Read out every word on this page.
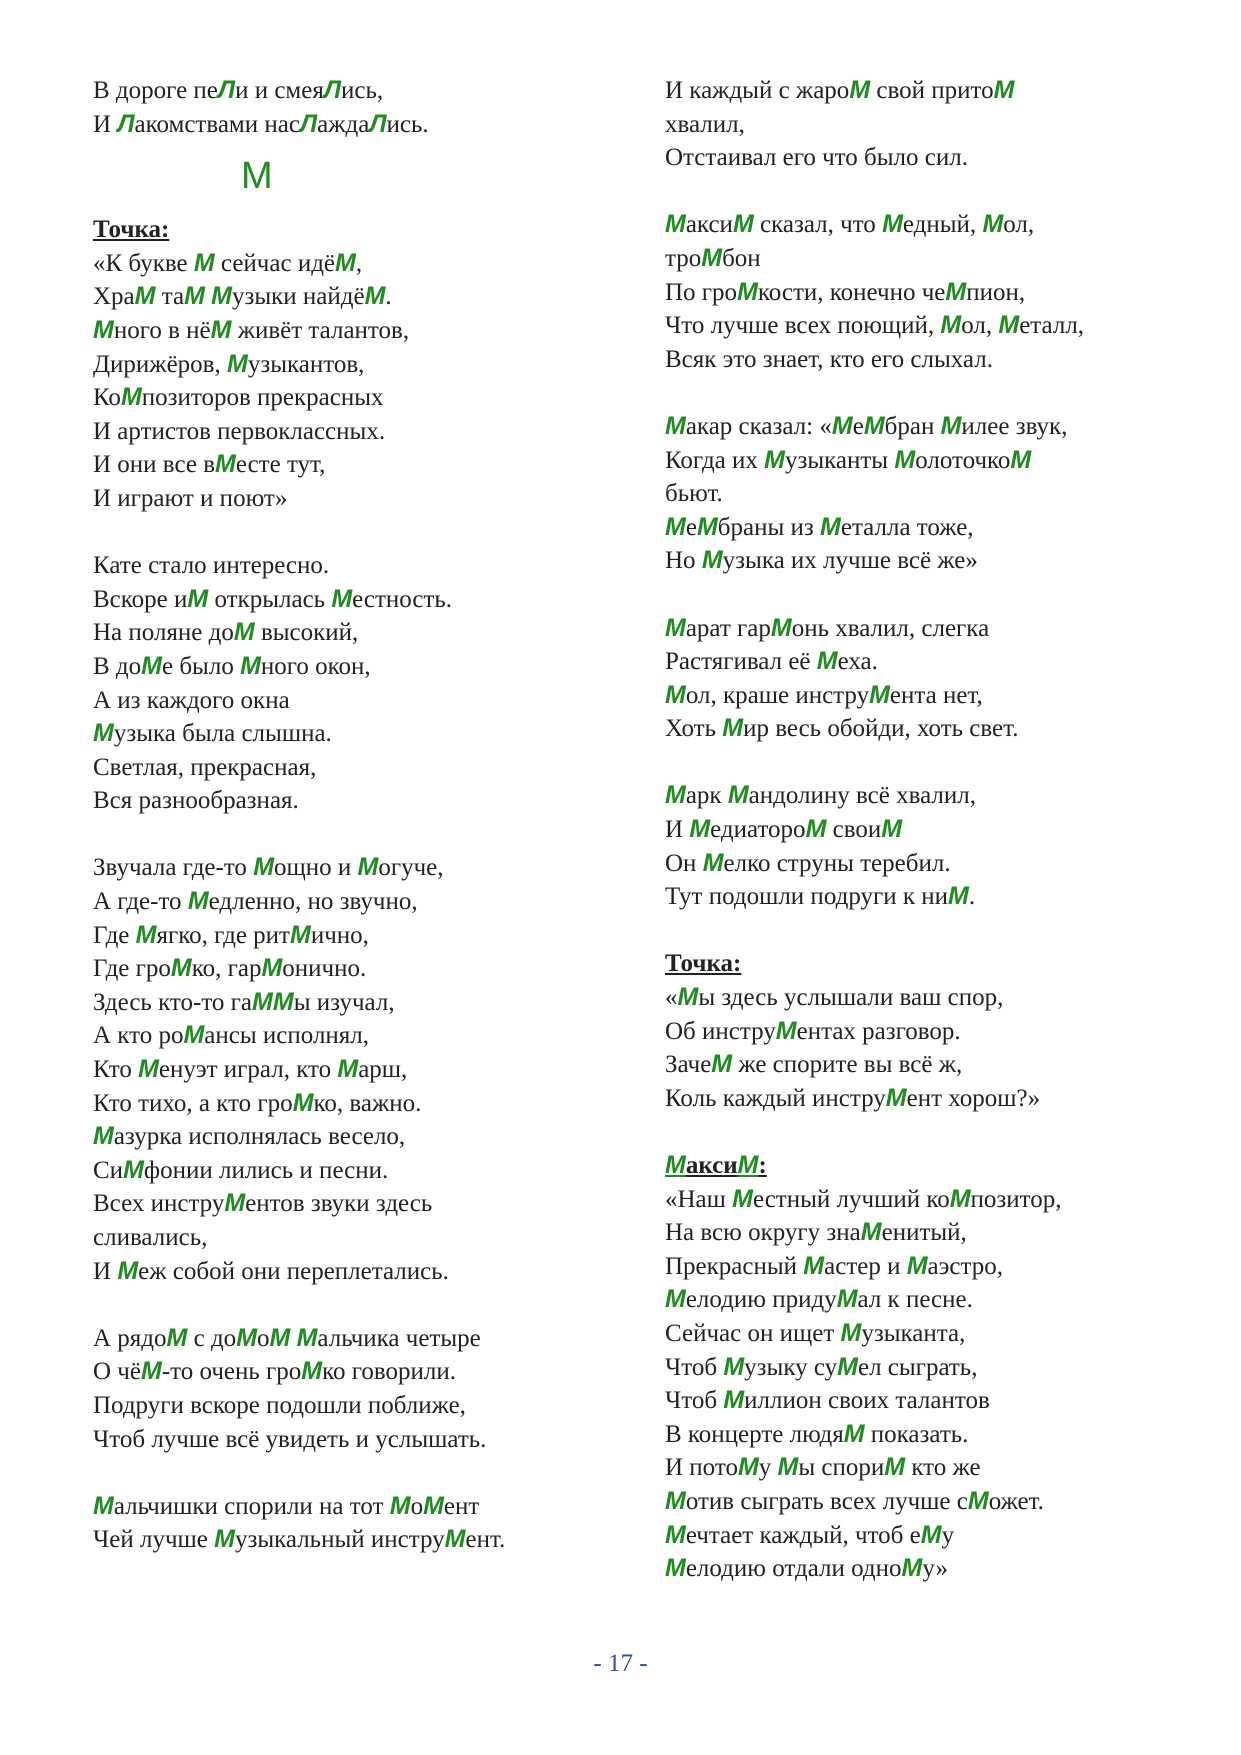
В дороге пеЛи и смеяЛись,
И Лакомствами насЛаждаЛись.
М
Точка:
«К букве М сейчас идёМ,
ХраМ таМ Музыки найдёМ.
Много в нёМ живёт талантов,
Дирижёров, Музыкантов,
КоМпозиторов прекрасных
И артистов первоклассных.
И они все вМесте тут,
И играют и поют»
Кате стало интересно.
Вскоре иМ открылась Местность.
На поляне доМ высокий,
В доМе было Много окон,
А из каждого окна
Музыка была слышна.
Светлая, прекрасная,
Вся разнообразная.
Звучала где-то Мощно и Могуче,
А где-то Медленно, но звучно,
Где Мягко, где ритМично,
Где гроМко, гарМонично.
Здесь кто-то гаММы изучал,
А кто роМансы исполнял,
Кто Менуэт играл, кто Марш,
Кто тихо, а кто гроМко, важно.
Мазурка исполнялась весело,
СиМфонии лились и песни.
Всех инструМентов звуки здесь
сливались,
И Меж собой они переплетались.
А рядоМ с доМоМ Мальчика четыре
О чёМ-то очень гроМко говорили.
Подруги вскоре подошли поближе,
Чтоб лучше всё увидеть и услышать.
Мальчишки спорили на тот МоМент
Чей лучше Музыкальный инструМент.
И каждый с жароМ свой притоМ
хвалил,
Отстаивал его что было сил.
МаксиМ сказал, что Медный, Мол,
троМбон
По гроМкости, конечно чеМпион,
Что лучше всех поющий, Мол, Металл,
Всяк это знает, кто его слыхал.
Макар сказал: «МеМбран Милее звук,
Когда их Музыканты МолоточкоМ
бьют.
МеМбраны из Металла тоже,
Но Музыка их лучше всё же»
Марат гарМонь хвалил, слегка
Растягивал её Меха.
Мол, краше инструМента нет,
Хоть Мир весь обойди, хоть свет.
Марк Мандолину всё хвалил,
И МедиатороМ своиМ
Он Мелко струны теребил.
Тут подошли подруги к ниМ.
Точка:
«Мы здесь услышали ваш спор,
Об инструМентах разговор.
ЗачеМ же спорите вы всё ж,
Коль каждый инструМент хорош?»
МаксиМ:
«Наш Местный лучший коМпозитор,
На всю округу знаМенитый,
Прекрасный Мастер и Маэстро,
Мелодию придуМал к песне.
Сейчас он ищет Музыканта,
Чтоб Музыку суМел сыграть,
Чтоб Миллион своих талантов
В концерте людяМ показать.
И потоМу Мы спориМ кто же
Мотив сыграть всех лучше сМожет.
Мечтает каждый, чтоб еМу
Мелодию отдали одноМу»
- 17 -
